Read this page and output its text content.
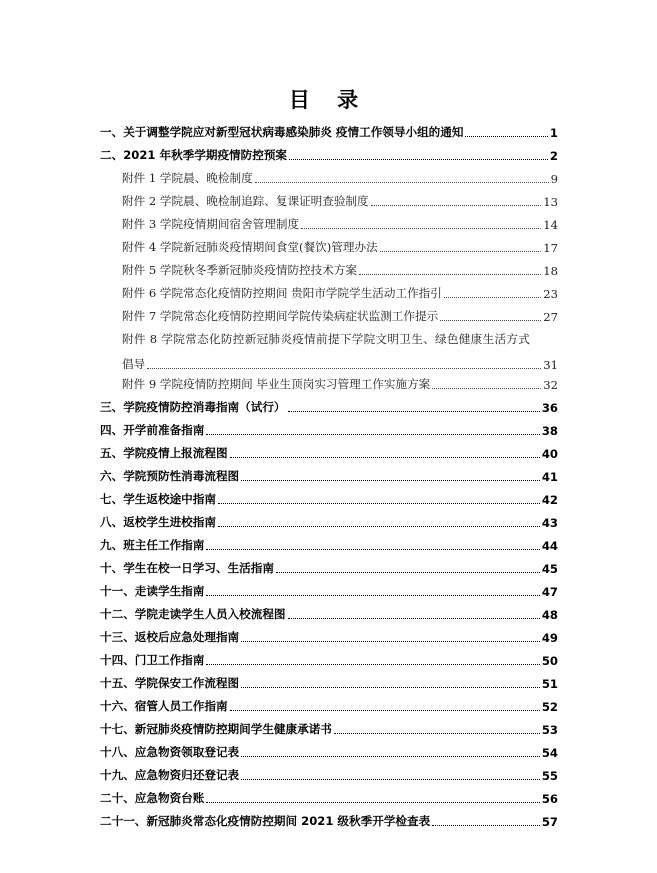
目 录
一、关于调整学院应对新型冠状病毒感染肺炎 疫情工作领导小组的通知	1
二、2021 年秋季学期疫情防控预案	2
附件 1 学院晨、晚检制度	9
附件 2 学院晨、晚检制追踪、复课证明查验制度	13
附件 3 学院疫情期间宿舍管理制度	14
附件 4 学院新冠肺炎疫情期间食堂(餐饮)管理办法	17
附件 5 学院秋冬季新冠肺炎疫情防控技术方案	18
附件 6 学院常态化疫情防控期间 贵阳市学院学生活动工作指引	23
附件 7 学院常态化疫情防控期间学院传染病症状监测工作提示	27
附件 8 学院常态化防控新冠肺炎疫情前提下学院文明卫生、绿色健康生活方式
倡导	31
附件 9 学院疫情防控期间 毕业生顶岗实习管理工作实施方案	32
三、学院疫情防控消毒指南（试行）	36
四、开学前准备指南	38
五、学院疫情上报流程图	40
六、学院预防性消毒流程图	41
七、学生返校途中指南	42
八、返校学生进校指南	43
九、班主任工作指南	44
十、学生在校一日学习、生活指南	45
十一、走读学生指南	47
十二、学院走读学生人员入校流程图	48
十三、返校后应急处理指南	49
十四、门卫工作指南	50
十五、学院保安工作流程图	51
十六、宿管人员工作指南	52
十七、新冠肺炎疫情防控期间学生健康承诺书	53
十八、应急物资领取登记表	54
十九、应急物资归还登记表	55
二十、应急物资台账	56
二十一、新冠肺炎常态化疫情防控期间 2021 级秋季开学检查表	57
